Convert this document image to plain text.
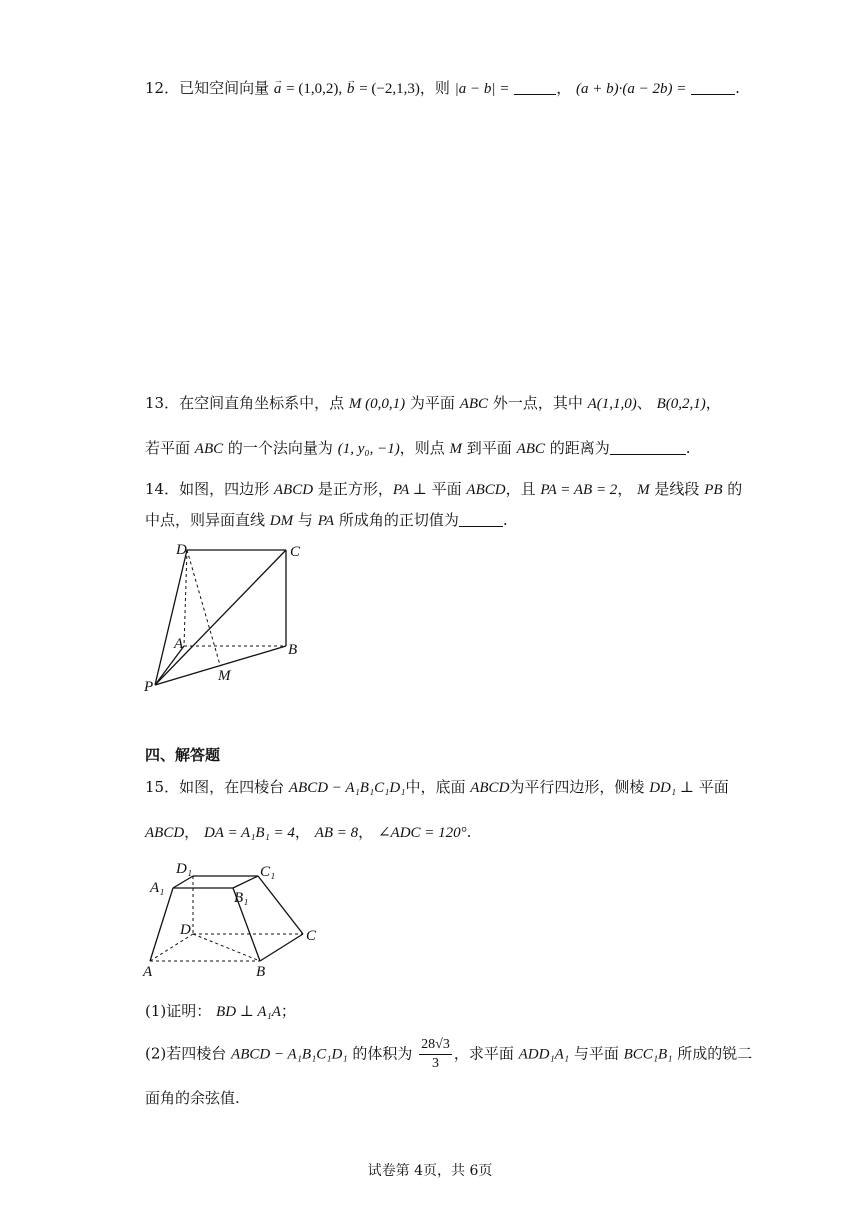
12．已知空间向量 → a = (1,0,2), → b = (−2,1,3)，则 |a − b| =	， (a + b)·(a − 2b) =	.
13．在空间直角坐标系中，点 M (0,0,1) 为平面 ABC 外一点，其中 A(1,1,0)、 B(0,2,1)，
若平面 ABC 的一个法向量为 (1, y₀, −1)，则点 M 到平面 ABC 的距离为	.
14．如图，四边形 ABCD 是正方形，PA ⊥ 平面 ABCD，且 PA = AB = 2， M 是线段 PB 的
中点，则异面直线 DM 与 PA 所成角的正切值为	.
D	C
A	B
P
M
四、解答题
15．如图，在四棱台 ABCD − A₁B₁C₁D₁中，底面 ABCD为平行四边形，侧棱 DD₁ ⊥ 平面
ABCD， DA = A₁B₁ = 4， AB = 8， ∠ADC = 120°.
D₁	C₁
A₁
B₁
D	C
A	B
(1)证明： BD ⊥ A₁A；
(2)若四棱台 ABCD − A₁B₁C₁D₁ 的体积为 $\frac{28√3}{3}$ ，求平面 ADD₁A₁ 与平面 BCC₁B₁ 所成的锐二
面角的余弦值.
试卷第 4页，共 6页
